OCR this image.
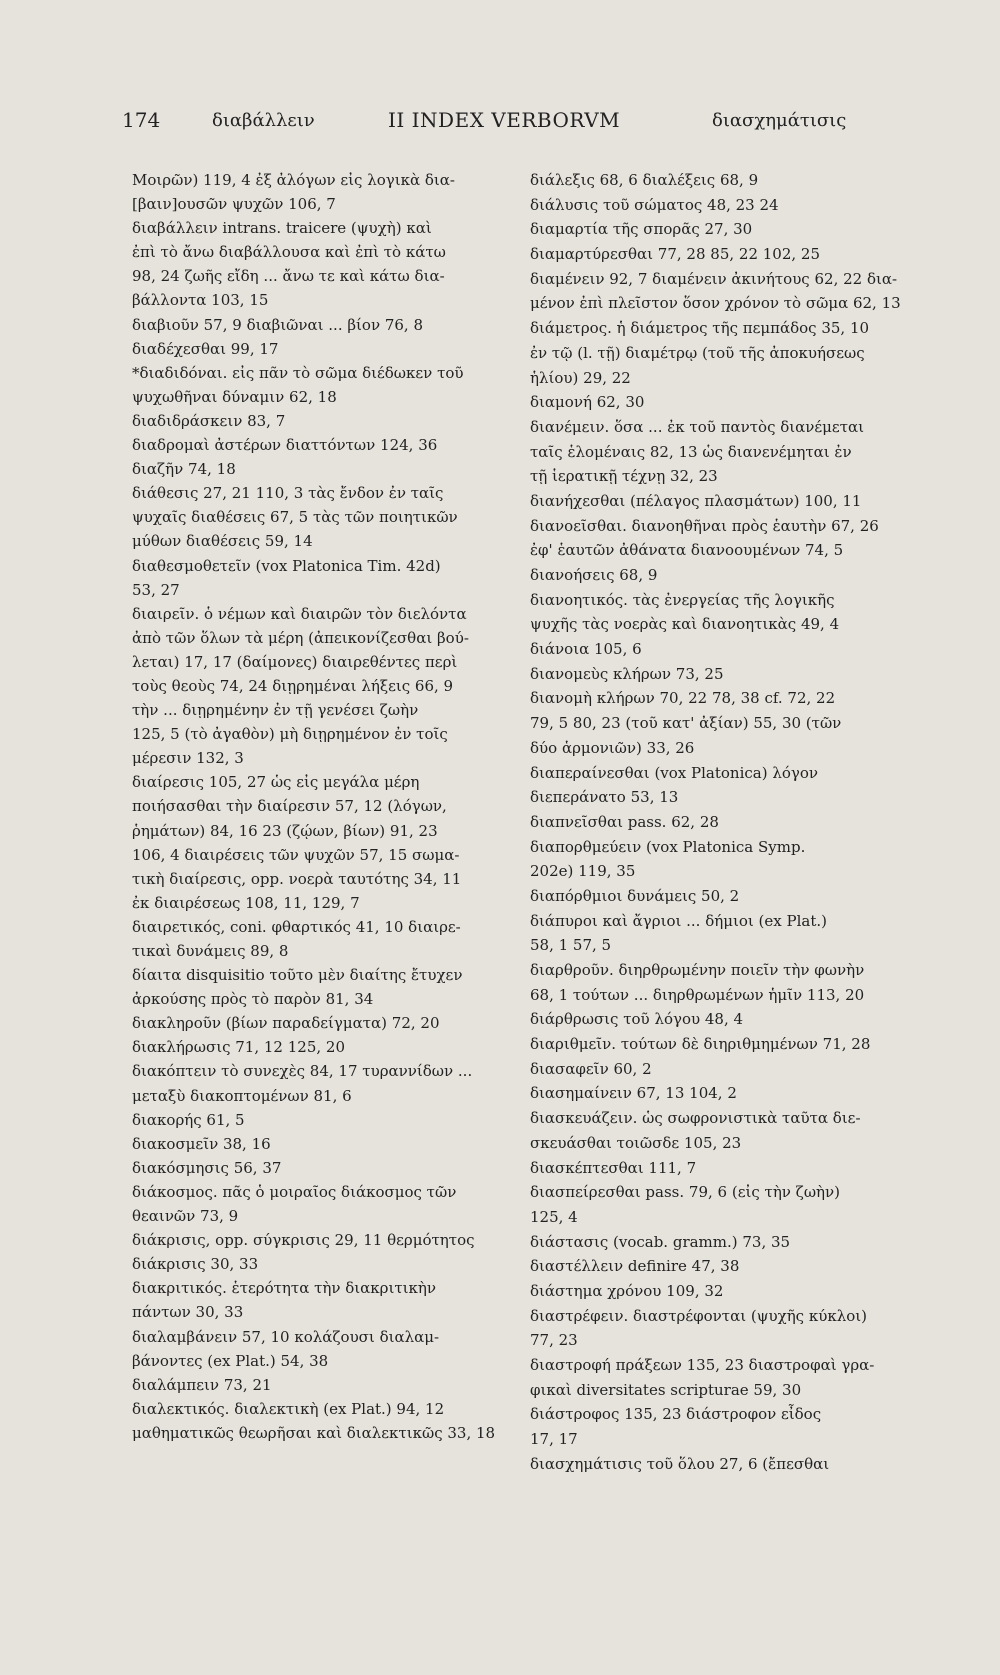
174	διαβάλλειν	II INDEX VERBORVM	διασχημάτισις
Μοιρῶν) 119, 4 ἐξ ἀλόγων εἰς λογικὰ δια-
[βαιν]ουσῶν ψυχῶν 106, 7
διαβάλλειν intrans. traicere (ψυχὴ) καὶ
ἐπὶ τὸ ἄνω διαβάλλουσα καὶ ἐπὶ τὸ κάτω
98, 24 ζωῆς εἴδη ... ἄνω τε καὶ κάτω δια-
βάλλοντα 103, 15
διαβιοῦν 57, 9 διαβιῶναι ... βίον 76, 8
διαδέχεσθαι 99, 17
*διαδιδόναι. εἰς πᾶν τὸ σῶμα διέδωκεν τοῦ
ψυχωθῆναι δύναμιν 62, 18
διαδιδράσκειν 83, 7
διαδρομαὶ ἀστέρων διαττόντων 124, 36
διαζῆν 74, 18
διάθεσις 27, 21 110, 3 τὰς ἔνδον ἐν ταῖς
ψυχαῖς διαθέσεις 67, 5 τὰς τῶν ποιητικῶν
μύθων διαθέσεις 59, 14
διαθεσμοθετεῖν (vox Platonica Tim. 42d)
53, 27
διαιρεῖν. ὁ νέμων καὶ διαιρῶν τὸν διελόντα
ἀπὸ τῶν ὅλων τὰ μέρη (ἀπεικονίζεσθαι βού-
λεται) 17, 17 (δαίμονες) διαιρεθέντες περὶ
τοὺς θεοὺς 74, 24 διῃρημέναι λήξεις 66, 9
τὴν ... διῃρημένην ἐν τῇ γενέσει ζωὴν
125, 5 (τὸ ἀγαθὸν) μὴ διῃρημένον ἐν τοῖς
μέρεσιν 132, 3
διαίρεσις 105, 27 ὡς εἰς μεγάλα μέρη
ποιήσασθαι τὴν διαίρεσιν 57, 12 (λόγων,
ῥημάτων) 84, 16 23 (ζῴων, βίων) 91, 23
106, 4 διαιρέσεις τῶν ψυχῶν 57, 15 σωμα-
τικὴ διαίρεσις, opp. νοερὰ ταυτότης 34, 11
ἐκ διαιρέσεως 108, 11, 129, 7
διαιρετικός, coni. φθαρτικός 41, 10 διαιρε-
τικαὶ δυνάμεις 89, 8
δίαιτα disquisitio τοῦτο μὲν διαίτης ἔτυχεν
ἀρκούσης πρὸς τὸ παρὸν 81, 34
διακληροῦν (βίων παραδείγματα) 72, 20
διακλήρωσις 71, 12 125, 20
διακόπτειν τὸ συνεχὲς 84, 17 τυραννίδων ...
μεταξὺ διακοπτομένων 81, 6
διακορής 61, 5
διακοσμεῖν 38, 16
διακόσμησις 56, 37
διάκοσμος. πᾶς ὁ μοιραῖος διάκοσμος τῶν
θεαινῶν 73, 9
διάκρισις, opp. σύγκρισις 29, 11 θερμότητος
διάκρισις 30, 33
διακριτικός. ἑτερότητα τὴν διακριτικὴν
πάντων 30, 33
διαλαμβάνειν 57, 10 κολάζουσι διαλαμ-
βάνοντες (ex Plat.) 54, 38
διαλάμπειν 73, 21
διαλεκτικός. διαλεκτικὴ (ex Plat.) 94, 12
μαθηματικῶς θεωρῆσαι καὶ διαλεκτικῶς 33, 18
διάλεξις 68, 6 διαλέξεις 68, 9
διάλυσις τοῦ σώματος 48, 23 24
διαμαρτία τῆς σπορᾶς 27, 30
διαμαρτύρεσθαι 77, 28 85, 22 102, 25
διαμένειν 92, 7 διαμένειν ἀκινήτους 62, 22 δια-
μένον ἐπὶ πλεῖστον ὅσον χρόνον τὸ σῶμα 62, 13
διάμετρος. ἡ διάμετρος τῆς πεμπάδος 35, 10
ἐν τῷ (l. τῇ) διαμέτρῳ (τοῦ τῆς ἀποκυήσεως
ἡλίου) 29, 22
διαμονή 62, 30
διανέμειν. ὅσα ... ἐκ τοῦ παντὸς διανέμεται
ταῖς ἑλομέναις 82, 13 ὡς διανενέμηται ἐν
τῇ ἱερατικῇ τέχνῃ 32, 23
διανήχεσθαι (πέλαγος πλασμάτων) 100, 11
διανοεῖσθαι. διανοηθῆναι πρὸς ἑαυτὴν 67, 26
ἐφ' ἑαυτῶν ἀθάνατα διανοουμένων 74, 5
διανοήσεις 68, 9
διανοητικός. τὰς ἐνεργείας τῆς λογικῆς
ψυχῆς τὰς νοερὰς καὶ διανοητικὰς 49, 4
διάνοια 105, 6
διανομεὺς κλήρων 73, 25
διανομὴ κλήρων 70, 22 78, 38 cf. 72, 22
79, 5 80, 23 (τοῦ κατ' ἀξίαν) 55, 30 (τῶν
δύο ἁρμονιῶν) 33, 26
διαπεραίνεσθαι (vox Platonica) λόγον
διεπεράνατο 53, 13
διαπνεῖσθαι pass. 62, 28
διαπορθμεύειν (vox Platonica Symp.
202e) 119, 35
διαπόρθμιοι δυνάμεις 50, 2
διάπυροι καὶ ἄγριοι ... δήμιοι (ex Plat.)
58, 1 57, 5
διαρθροῦν. διηρθρωμένην ποιεῖν τὴν φωνὴν
68, 1 τούτων ... διηρθρωμένων ἡμῖν 113, 20
διάρθρωσις τοῦ λόγου 48, 4
διαριθμεῖν. τούτων δὲ διηριθμημένων 71, 28
διασαφεῖν 60, 2
διασημαίνειν 67, 13 104, 2
διασκευάζειν. ὡς σωφρονιστικὰ ταῦτα διε-
σκευάσθαι τοιῶσδε 105, 23
διασκέπτεσθαι 111, 7
διασπείρεσθαι pass. 79, 6 (εἰς τὴν ζωὴν)
125, 4
διάστασις (vocab. gramm.) 73, 35
διαστέλλειν definire 47, 38
διάστημα χρόνου 109, 32
διαστρέφειν. διαστρέφονται (ψυχῆς κύκλοι)
77, 23
διαστροφή πράξεων 135, 23 διαστροφαὶ γρα-
φικαὶ diversitates scripturae 59, 30
διάστροφος 135, 23 διάστροφον εἶδος
17, 17
διασχημάτισις τοῦ ὅλου 27, 6 (ἔπεσθαι
